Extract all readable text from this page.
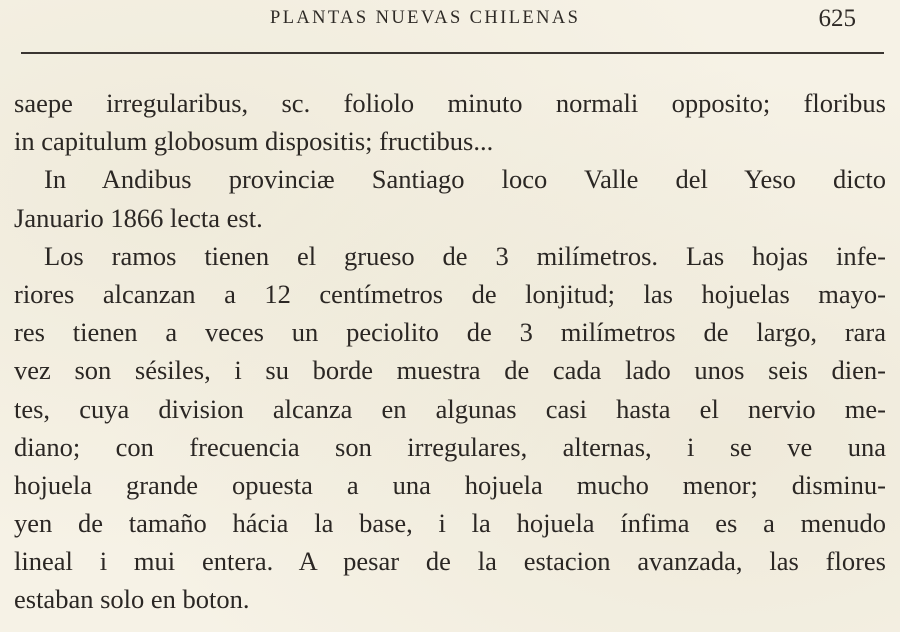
PLANTAS NUEVAS CHILENAS	625
saepe irregularibus, sc. foliolo minuto normali opposito; floribus
in capitulum globosum dispositis; fructibus...
In Andibus provinciæ Santiago loco Valle del Yeso dicto
Januario 1866 lecta est.
Los ramos tienen el grueso de 3 milímetros. Las hojas infe-
riores alcanzan a 12 centímetros de lonjitud; las hojuelas mayo-
res tienen a veces un peciolito de 3 milímetros de largo, rara
vez son sésiles, i su borde muestra de cada lado unos seis dien-
tes, cuya division alcanza en algunas casi hasta el nervio me-
diano; con frecuencia son irregulares, alternas, i se ve una
hojuela grande opuesta a una hojuela mucho menor; disminu-
yen de tamaño hácia la base, i la hojuela ínfima es a menudo
lineal i mui entera. A pesar de la estacion avanzada, las flores
estaban solo en boton.
